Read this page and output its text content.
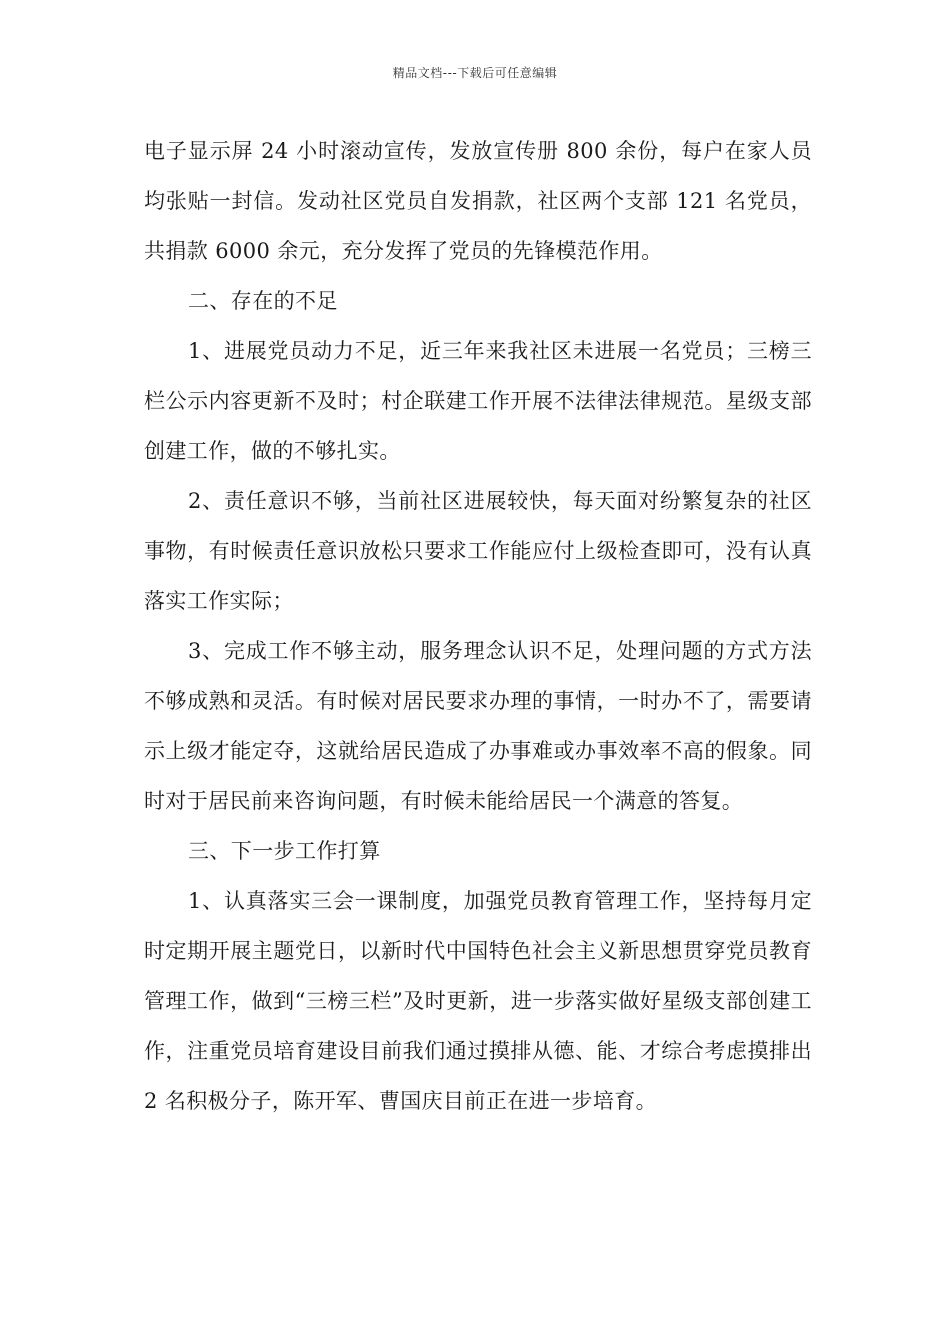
精品文档---下载后可任意编辑

电子显示屏 24 小时滚动宣传，发放宣传册 800 余份，每户在家人员均张贴一封信。发动社区党员自发捐款，社区两个支部 121 名党员，共捐款 6000 余元，充分发挥了党员的先锋模范作用。

二、存在的不足

1、进展党员动力不足，近三年来我社区未进展一名党员；三榜三栏公示内容更新不及时；村企联建工作开展不法律法律规范。星级支部创建工作，做的不够扎实。

2、责任意识不够，当前社区进展较快，每天面对纷繁复杂的社区事物，有时候责任意识放松只要求工作能应付上级检查即可，没有认真落实工作实际；

3、完成工作不够主动，服务理念认识不足，处理问题的方式方法不够成熟和灵活。有时候对居民要求办理的事情，一时办不了，需要请示上级才能定夺，这就给居民造成了办事难或办事效率不高的假象。同时对于居民前来咨询问题，有时候未能给居民一个满意的答复。

三、下一步工作打算

1、认真落实三会一课制度，加强党员教育管理工作，坚持每月定时定期开展主题党日，以新时代中国特色社会主义新思想贯穿党员教育管理工作，做到“三榜三栏”及时更新，进一步落实做好星级支部创建工作，注重党员培育建设目前我们通过摸排从德、能、才综合考虑摸排出 2 名积极分子，陈开军、曹国庆目前正在进一步培育。
